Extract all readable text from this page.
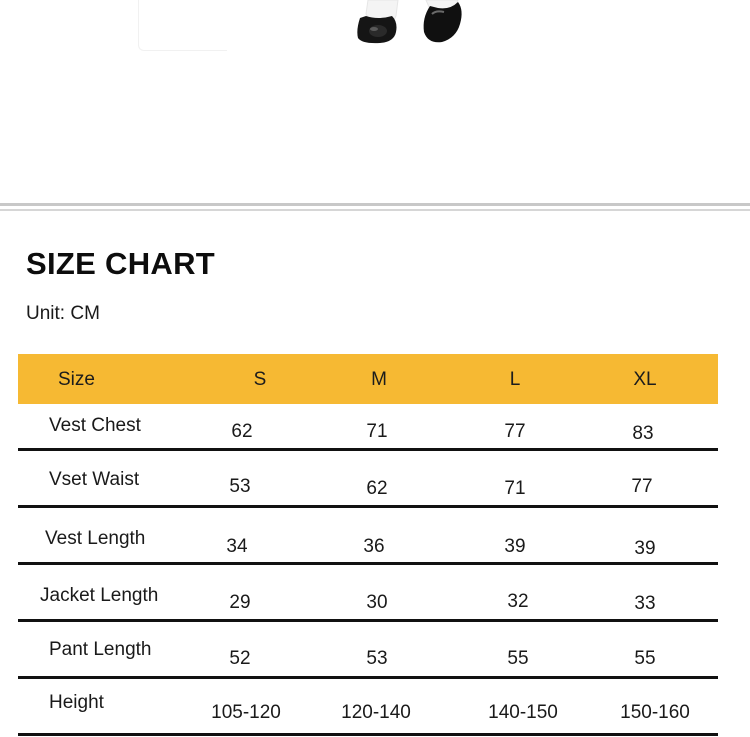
SIZE CHART
Unit: CM
Size	S	M	L	XL
Vest Chest	62	71	77	83
Vset Waist	53	62	71	77
Vest Length	34	36	39	39
Jacket Length	29	30	32	33
Pant Length	52	53	55	55
Height	105-120	120-140	140-150	150-160
